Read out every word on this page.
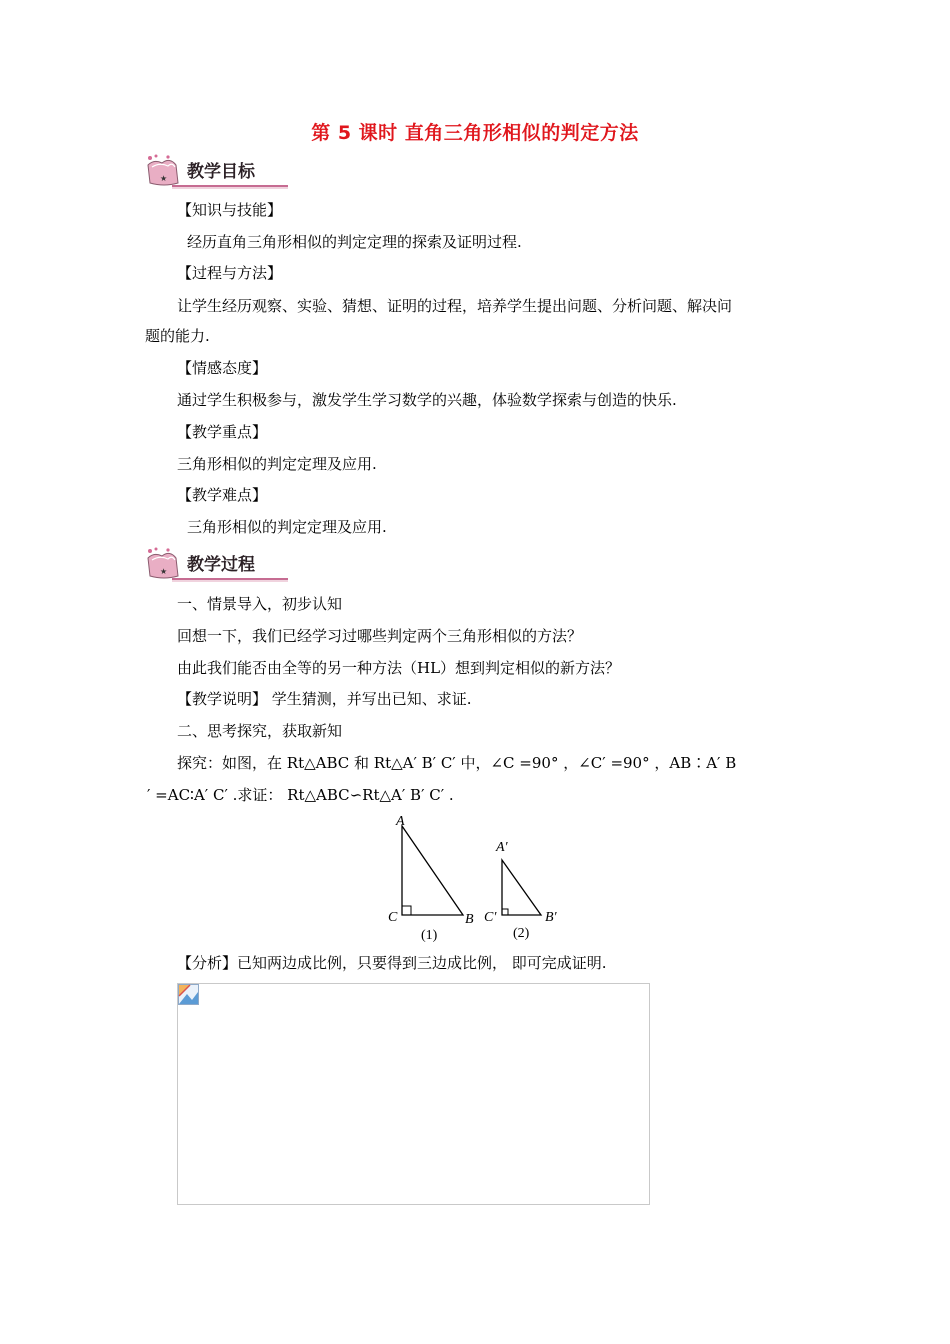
第 5 课时 直角三角形相似的判定方法
★ 教学目标
【知识与技能】
经历直角三角形相似的判定定理的探索及证明过程.
【过程与方法】
让学生经历观察、实验、猜想、证明的过程，培养学生提出问题、分析问题、解决问
题的能力.
【情感态度】
通过学生积极参与，激发学生学习数学的兴趣，体验数学探索与创造的快乐.
【教学重点】
三角形相似的判定定理及应用.
【教学难点】
三角形相似的判定定理及应用.
★ 教学过程
一、情景导入，初步认知
回想一下，我们已经学习过哪些判定两个三角形相似的方法？
由此我们能否由全等的另一种方法（HL）想到判定相似的新方法？
【教学说明】 学生猜测，并写出已知、求证.
二、思考探究，获取新知
探究：如图，在 Rt△ABC 和 Rt△A′ B′ C′ 中，∠C =90° ，∠C′ =90° ，AB∶A′ B
′ =AC∶A′ C′ .求证： Rt△ABC∽Rt△A′ B′ C′ .
A
C	B
(1)
A′
C′	B′
(2)
【分析】已知两边成比例，只要得到三边成比例， 即可完成证明.
